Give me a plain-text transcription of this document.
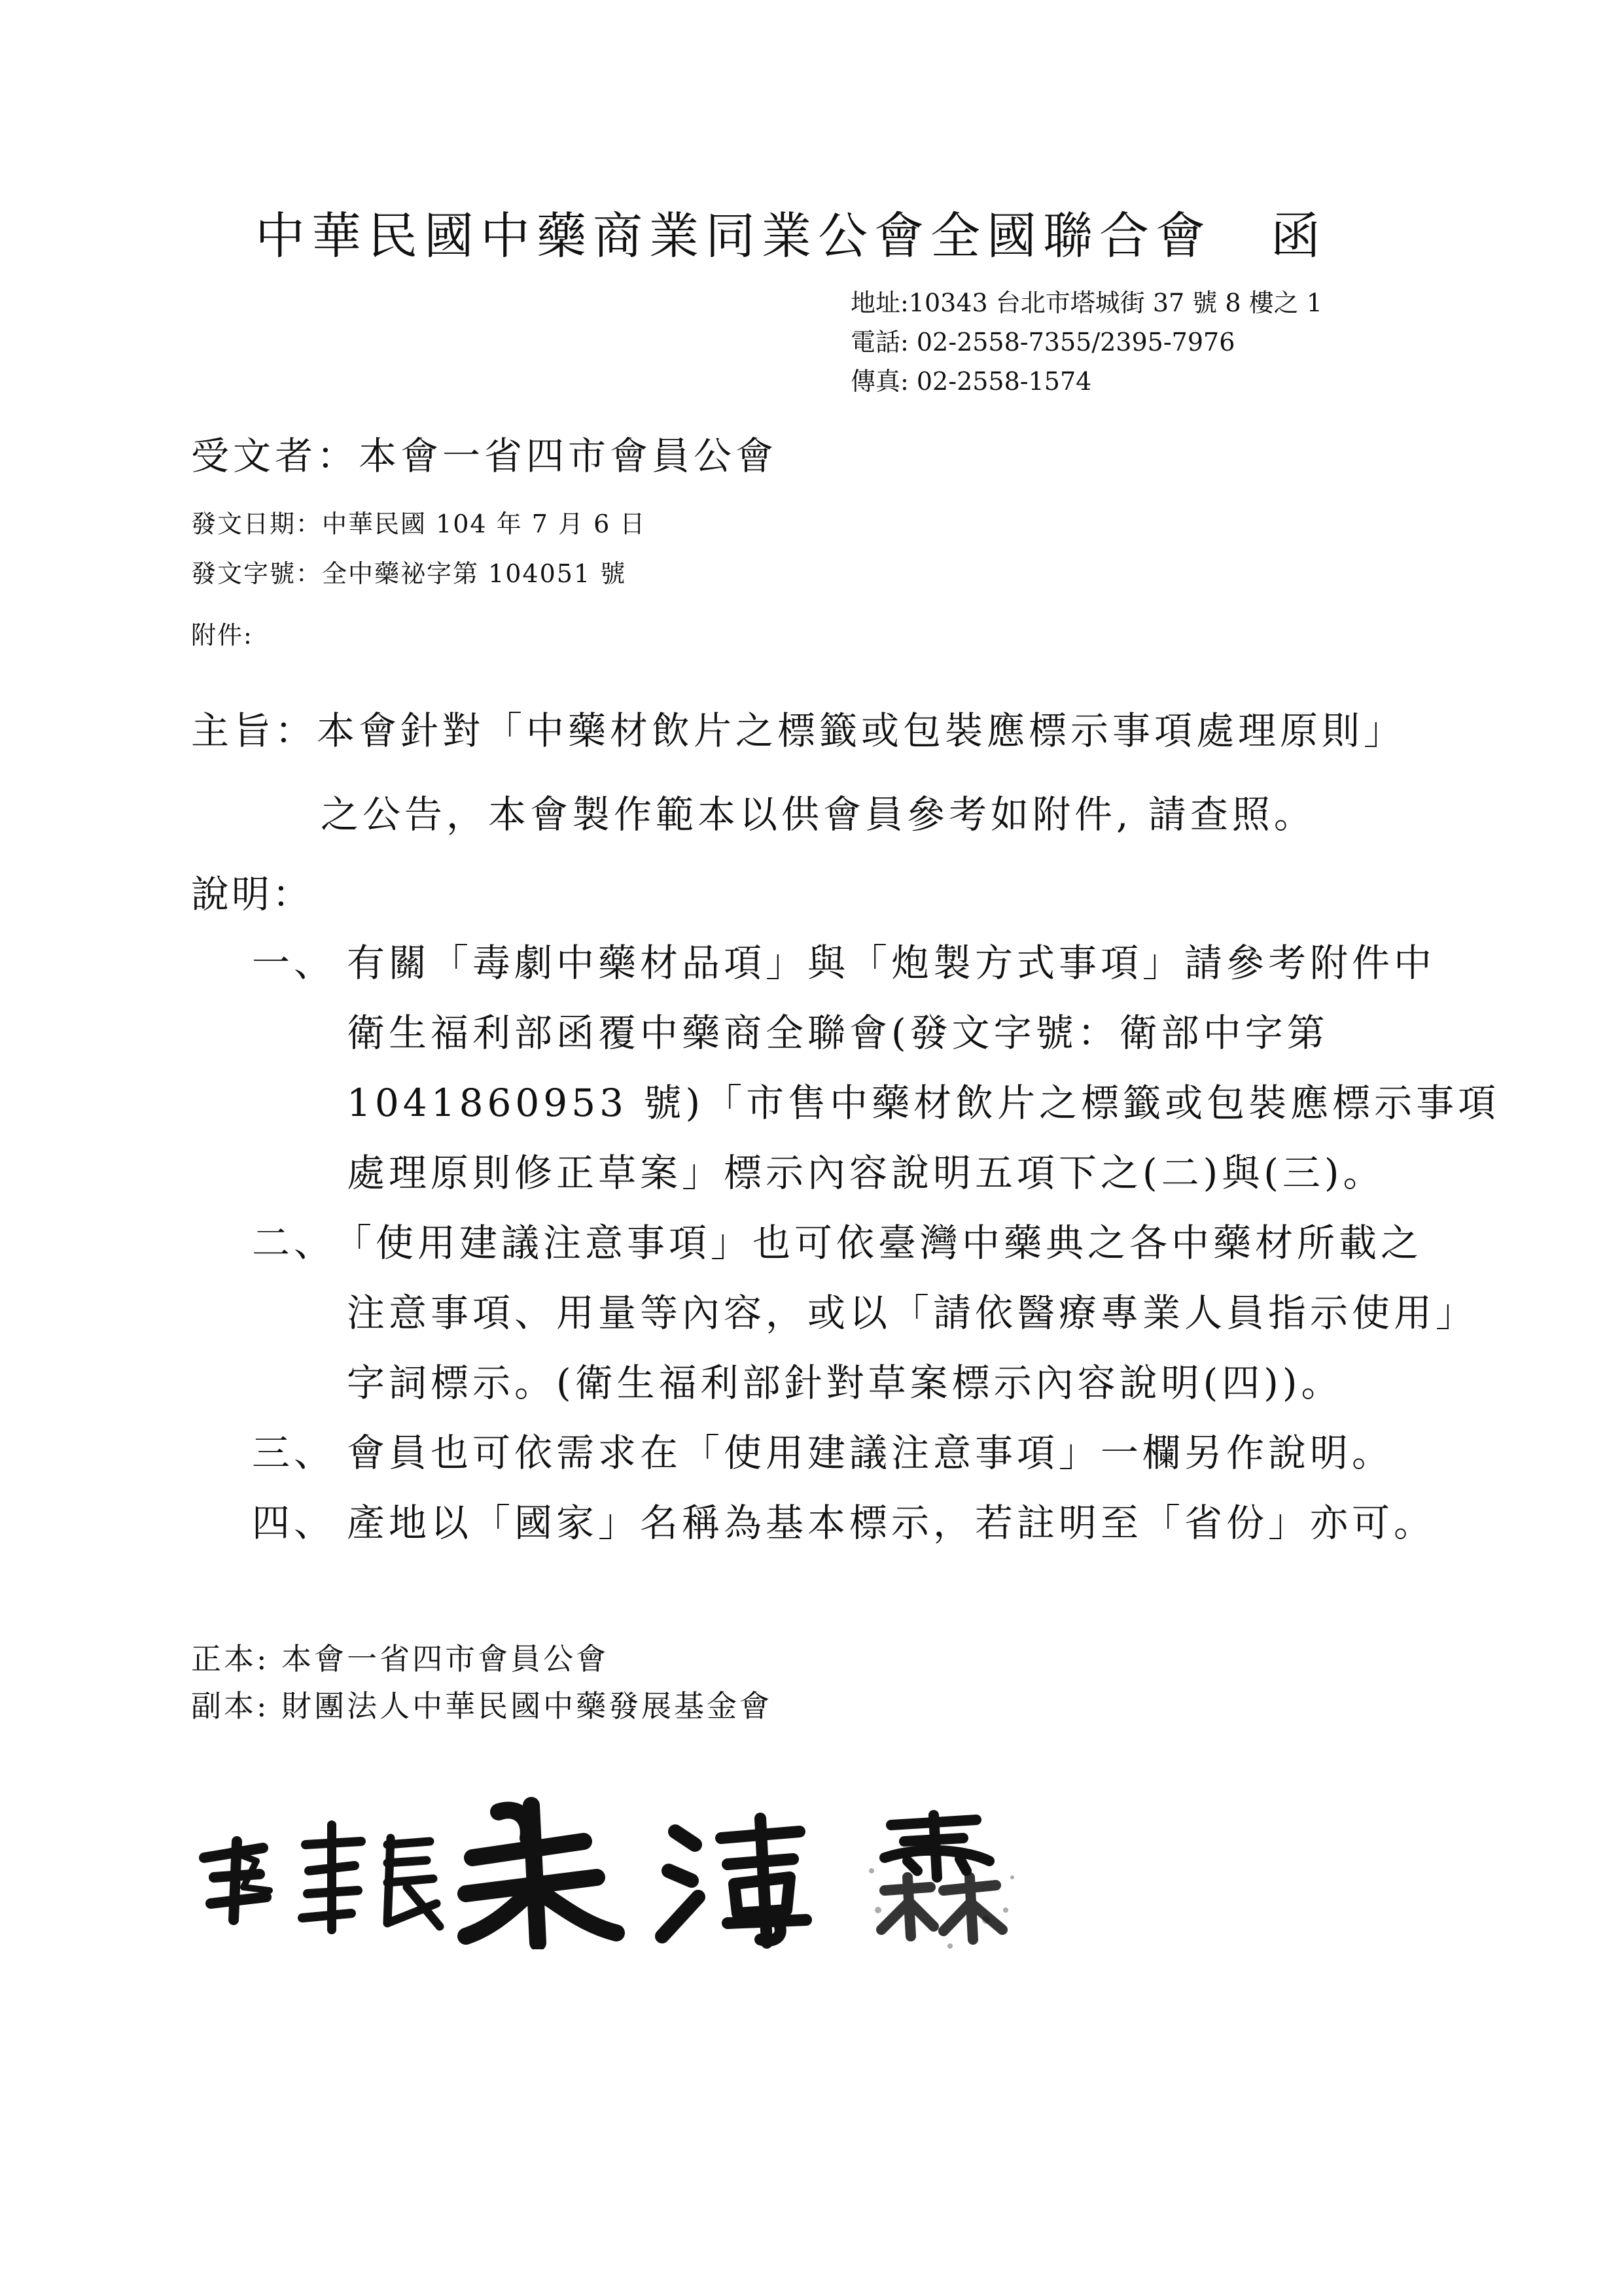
中華民國中藥商業同業公會全國聯合會 函
地址:10343 台北市塔城街 37 號 8 樓之 1
電話: 02-2558-7355/2395-7976
傳真: 02-2558-1574
受文者：本會一省四市會員公會
發文日期：中華民國 104 年 7 月 6 日
發文字號：全中藥祕字第 104051 號
附件:
主旨：本會針對「中藥材飲片之標籤或包裝應標示事項處理原則」
之公告，本會製作範本以供會員參考如附件, 請查照。
說明：
一、 有關「毒劇中藥材品項」與「炮製方式事項」請參考附件中
衛生福利部函覆中藥商全聯會(發文字號：衛部中字第
1041860953 號)「市售中藥材飲片之標籤或包裝應標示事項
處理原則修正草案」標示內容說明五項下之(二)與(三)。
二、
「使用建議注意事項」也可依臺灣中藥典之各中藥材所載之
注意事項、用量等內容，或以「請依醫療專業人員指示使用」
字詞標示。(衛生福利部針對草案標示內容說明(四))。
三、 會員也可依需求在「使用建議注意事項」一欄另作說明。
四、 產地以「國家」名稱為基本標示，若註明至「省份」亦可。
正本: 本會一省四市會員公會
副本: 財團法人中華民國中藥發展基金會
